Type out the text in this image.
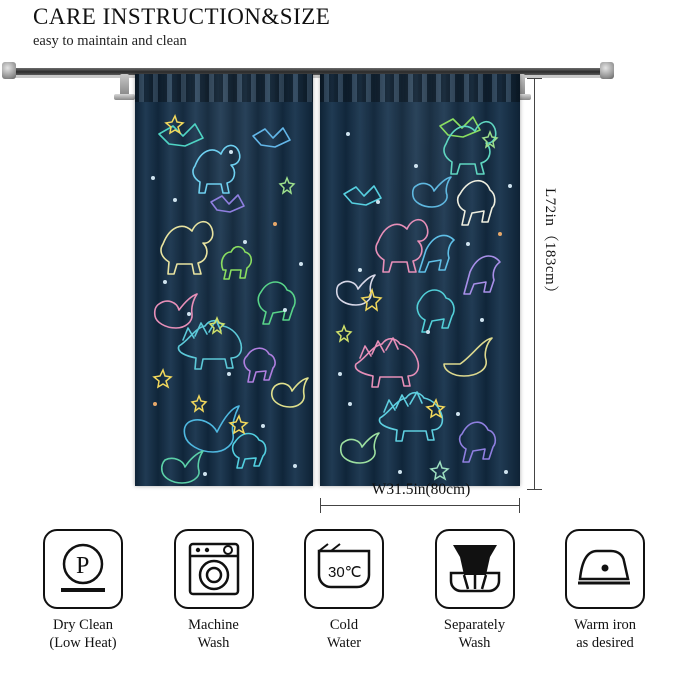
CARE INSTRUCTION&SIZE
easy to maintain and clean
L72in（183cm）
W31.5in(80cm)
P
Dry Clean
(Low Heat)
Machine
Wash
30℃
Cold
Water
Separately
Wash
Warm iron
as desired
